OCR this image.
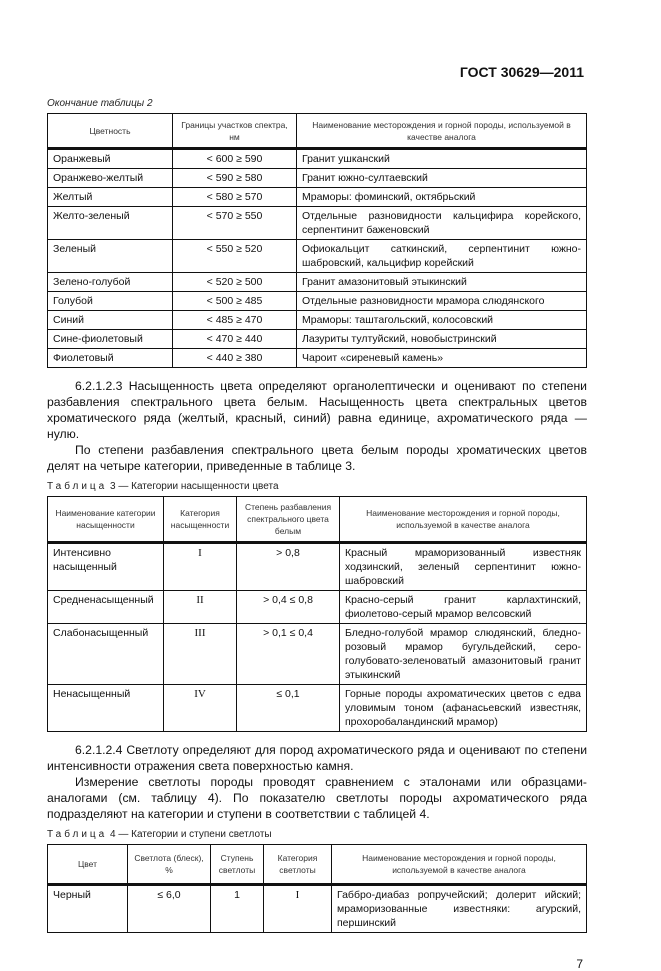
ГОСТ 30629—2011
Окончание таблицы 2
Цветность	Границы участков спектра, нм	Наименование месторождения и горной породы, используемой в качестве аналога
Оранжевый	< 600 ≥ 590	Гранит ушканский
Оранжево-желтый	< 590 ≥ 580	Гранит южно-султаевский
Желтый	< 580 ≥ 570	Мраморы: фоминский, октябрьский
Желто-зеленый	< 570 ≥ 550	Отдельные разновидности кальцифира корейского, серпентинит баженовский
Зеленый	< 550 ≥ 520	Офиокальцит саткинский, серпентинит южно-шабровский, кальцифир корейский
Зелено-голубой	< 520 ≥ 500	Гранит амазонитовый этыкинский
Голубой	< 500 ≥ 485	Отдельные разновидности мрамора слюдянского
Синий	< 485 ≥ 470	Мраморы: таштагольский, колосовский
Сине-фиолетовый	< 470 ≥ 440	Лазуриты тултуйский, новобыстринский
Фиолетовый	< 440 ≥ 380	Чароит «сиреневый камень»

6.2.1.2.3 Насыщенность цвета определяют органолептически и оценивают по степени разбавления спектрального цвета белым. Насыщенность цвета спектральных цветов хроматического ряда (желтый, красный, синий) равна единице, ахроматического ряда — нулю.

По степени разбавления спектрального цвета белым породы хроматических цветов делят на четыре категории, приведенные в таблице 3.

Таблица 3 — Категории насыщенности цвета
Наименование категории насыщенности	Категория насыщенности	Степень разбавления спектрального цвета белым	Наименование месторождения и горной породы, используемой в качестве аналога
Интенсивно насыщенный	I	> 0,8	Красный мраморизованный известняк ходзинский, зеленый серпентинит южно-шабровский
Средненасыщенный	II	> 0,4 ≤ 0,8	Красно-серый гранит карлахтинский, фиолетово-серый мрамор велсовский
Слабонасыщенный	III	> 0,1 ≤ 0,4	Бледно-голубой мрамор слюдянский, бледно-розовый мрамор бугульдейский, серо-голубовато-зеленоватый амазонитовый гранит этыкинский
Ненасыщенный	IV	≤ 0,1	Горные породы ахроматических цветов с едва уловимым тоном (афанасьевский известняк, прохоробаландинский мрамор)

6.2.1.2.4 Светлоту определяют для пород ахроматического ряда и оценивают по степени интенсивности отражения света поверхностью камня.

Измерение светлоты породы проводят сравнением с эталонами или образцами-аналогами (см. таблицу 4). По показателю светлоты породы ахроматического ряда подразделяют на категории и ступени в соответствии с таблицей 4.

Таблица 4 — Категории и ступени светлоты
Цвет	Светлота (блеск), %	Ступень светлоты	Категория светлоты	Наименование месторождения и горной породы, используемой в качестве аналога
Черный	≤ 6,0	1	I	Габбро-диабаз ропручейский; долерит ийский; мраморизованные известняки: агурский, першинский
7
